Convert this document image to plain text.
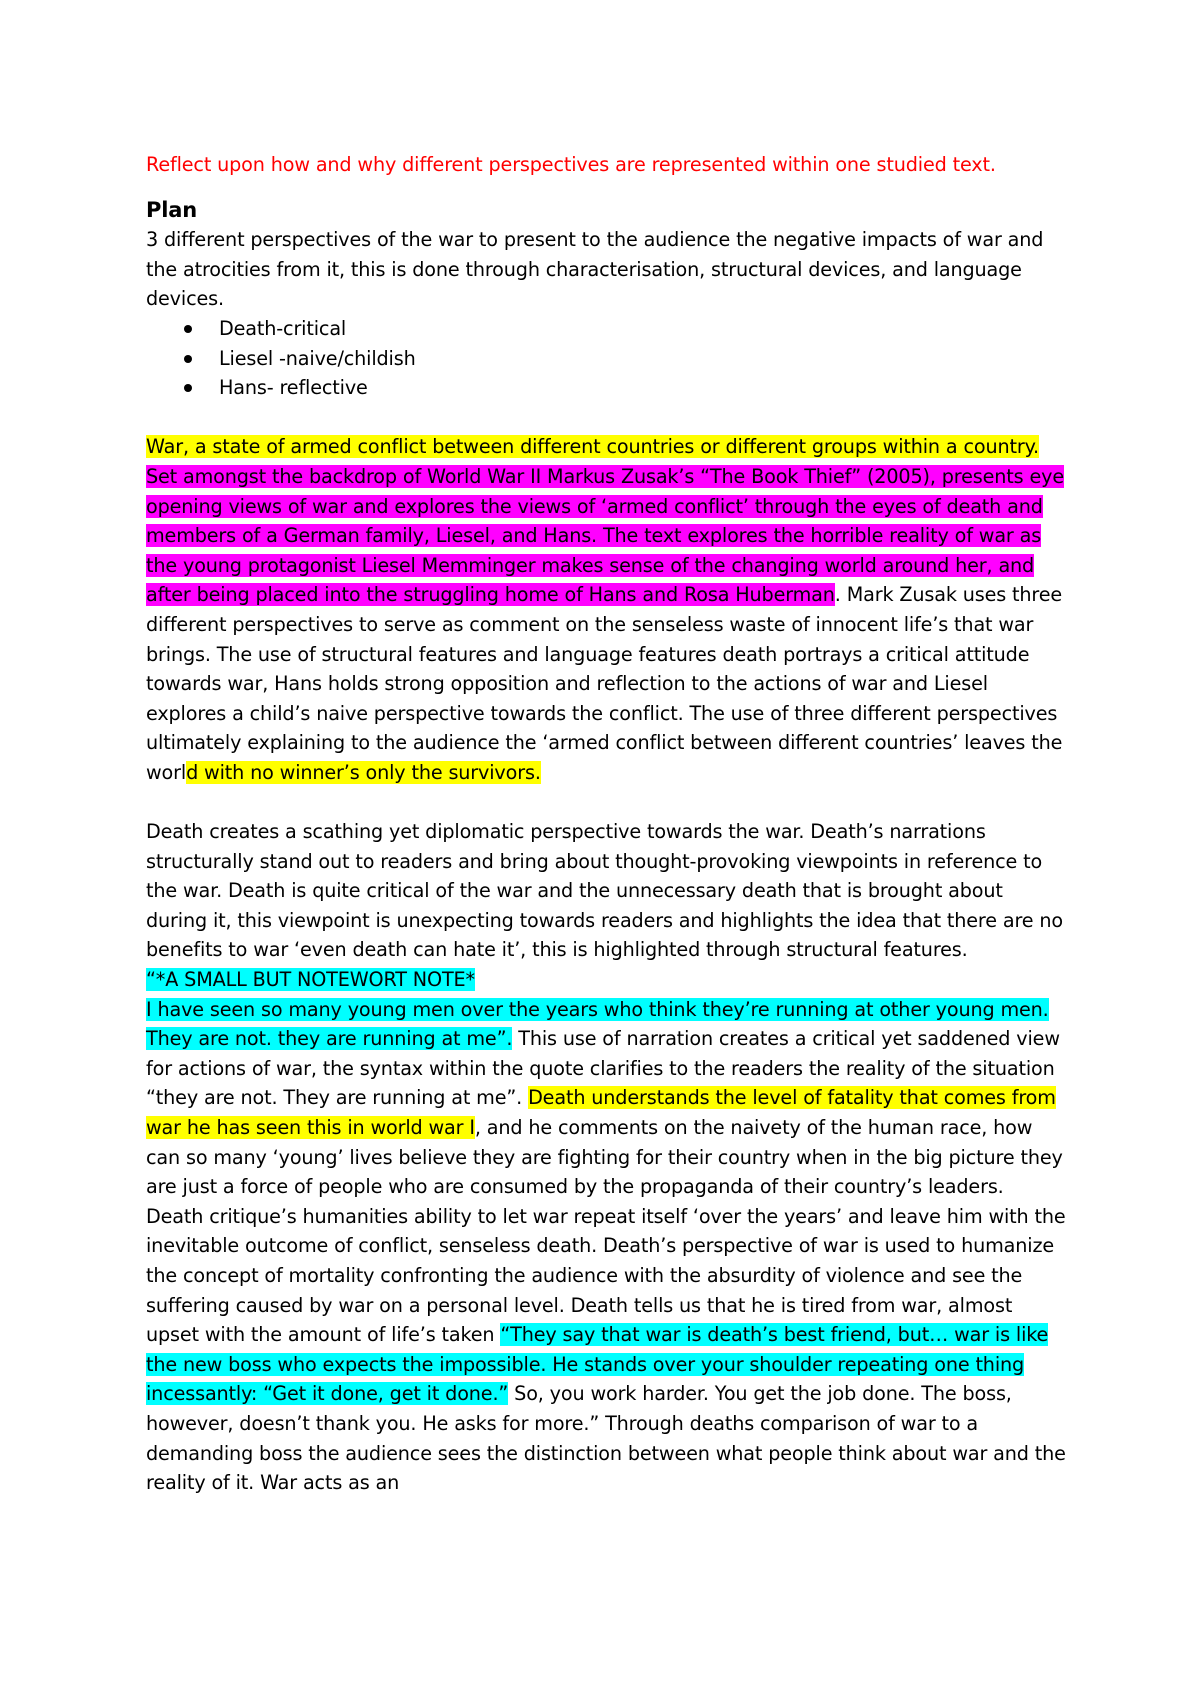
Reflect upon how and why different perspectives are represented within one studied text.

Plan

3 different perspectives of the war to present to the audience the negative impacts of war and the atrocities from it, this is done through characterisation, structural devices, and language devices.

Death-critical
Liesel -naive/childish
Hans- reflective

War, a state of armed conflict between different countries or different groups within a country. Set amongst the backdrop of World War II Markus Zusak’s “The Book Thief” (2005), presents eye opening views of war and explores the views of ‘armed conflict’ through the eyes of death and members of a German family, Liesel, and Hans. The text explores the horrible reality of war as the young protagonist Liesel Memminger makes sense of the changing world around her, and after being placed into the struggling home of Hans and Rosa Huberman. Mark Zusak uses three different perspectives to serve as comment on the senseless waste of innocent life’s that war brings. The use of structural features and language features death portrays a critical attitude towards war, Hans holds strong opposition and reflection to the actions of war and Liesel explores a child’s naive perspective towards the conflict. The use of three different perspectives ultimately explaining to the audience the ‘armed conflict between different countries’ leaves the world with no winner’s only the survivors.

Death creates a scathing yet diplomatic perspective towards the war. Death’s narrations structurally stand out to readers and bring about thought-provoking viewpoints in reference to the war. Death is quite critical of the war and the unnecessary death that is brought about during it, this viewpoint is unexpecting towards readers and highlights the idea that there are no benefits to war ‘even death can hate it’, this is highlighted through structural features.
“*A SMALL BUT NOTEWORT NOTE*
I have seen so many young men over the years who think they’re running at other young men. They are not. they are running at me”. This use of narration creates a critical yet saddened view for actions of war, the syntax within the quote clarifies to the readers the reality of the situation “they are not. They are running at me”. Death understands the level of fatality that comes from war he has seen this in world war I, and he comments on the naivety of the human race, how can so many ‘young’ lives believe they are fighting for their country when in the big picture they are just a force of people who are consumed by the propaganda of their country’s leaders. Death critique’s humanities ability to let war repeat itself ‘over the years’ and leave him with the inevitable outcome of conflict, senseless death. Death’s perspective of war is used to humanize the concept of mortality confronting the audience with the absurdity of violence and see the suffering caused by war on a personal level. Death tells us that he is tired from war, almost upset with the amount of life’s taken “They say that war is death’s best friend, but… war is like the new boss who expects the impossible. He stands over your shoulder repeating one thing incessantly: “Get it done, get it done.” So, you work harder. You get the job done. The boss, however, doesn’t thank you. He asks for more.” Through deaths comparison of war to a demanding boss the audience sees the distinction between what people think about war and the reality of it. War acts as an
